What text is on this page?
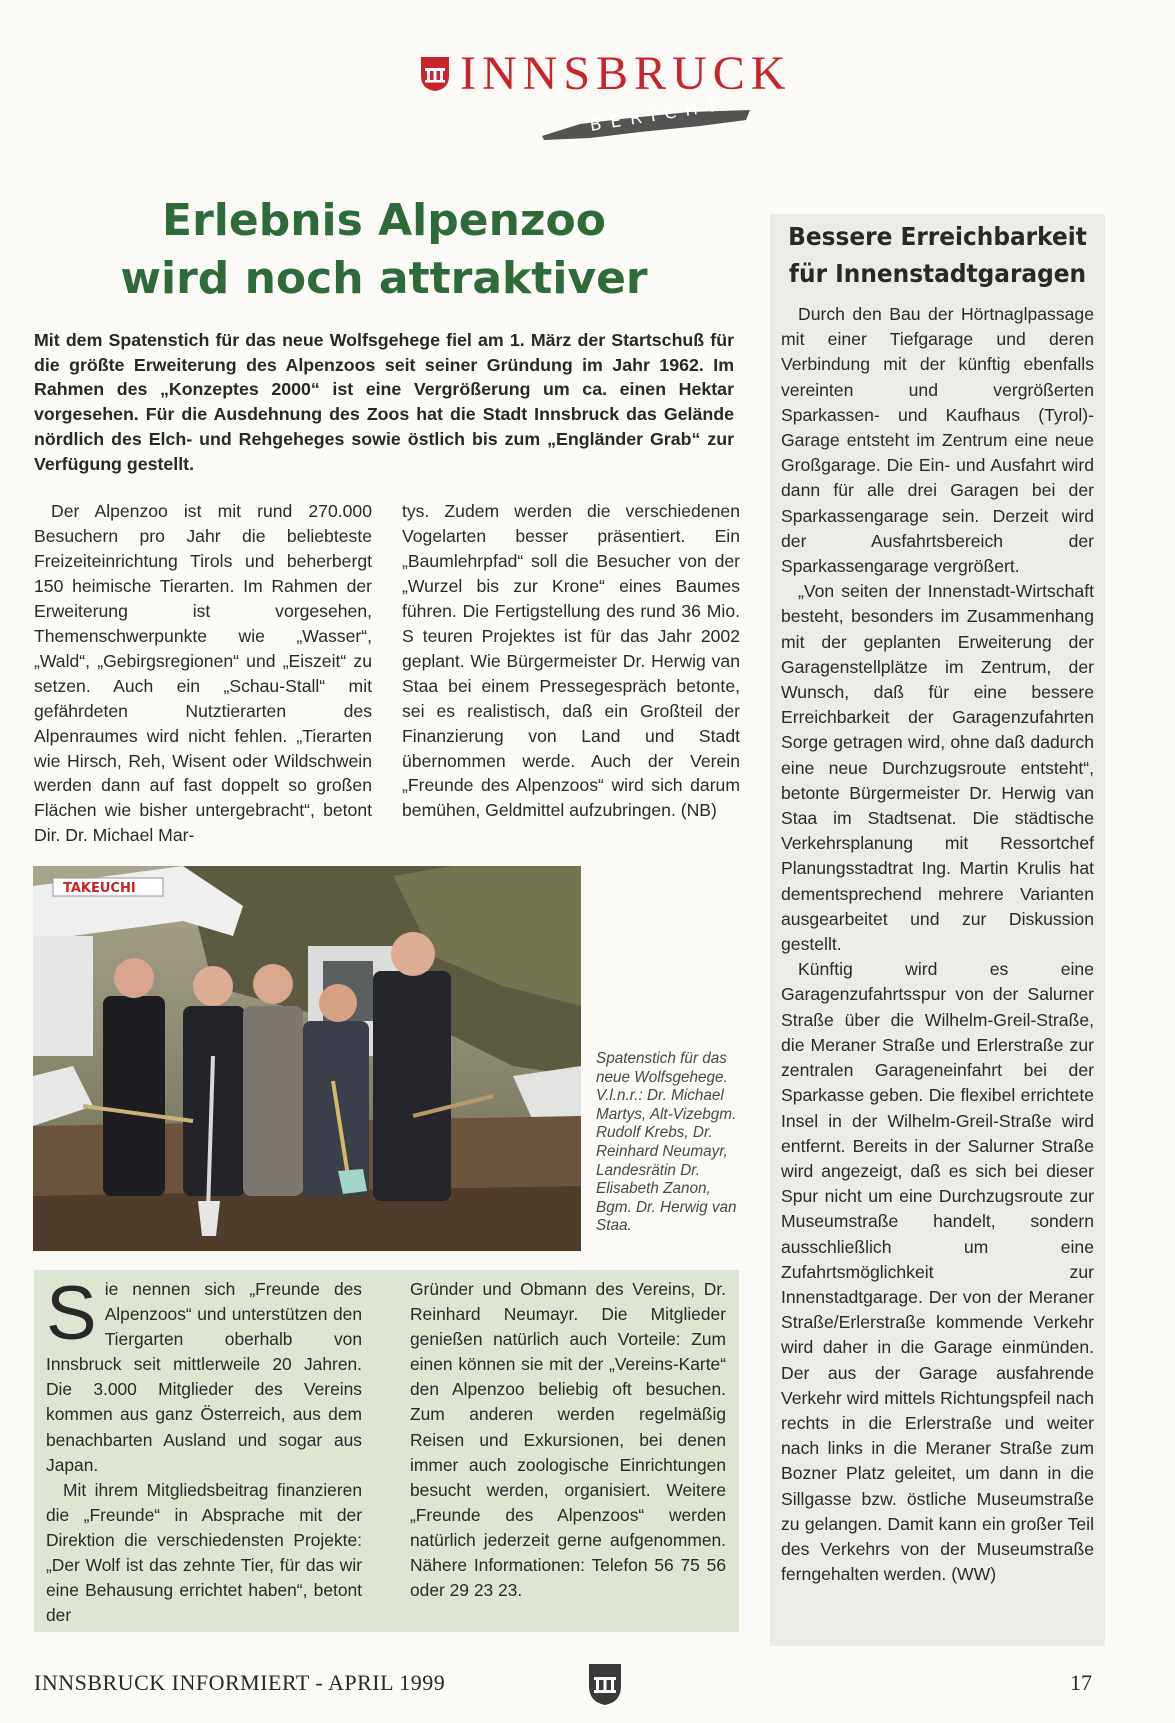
INNSBRUCK
BERICHT
Erlebnis Alpenzoo
wird noch attraktiver
Mit dem Spatenstich für das neue Wolfsgehege fiel am 1. März der Startschuß für die größte Erweiterung des Alpenzoos seit seiner Gründung im Jahr 1962. Im Rahmen des „Konzeptes 2000“ ist eine Vergrößerung um ca. einen Hektar vorgesehen. Für die Ausdehnung des Zoos hat die Stadt Innsbruck das Gelände nördlich des Elch- und Rehgeheges sowie östlich bis zum „Engländer Grab“ zur Verfügung gestellt.

Der Alpenzoo ist mit rund 270.000 Besuchern pro Jahr die beliebteste Freizeiteinrichtung Tirols und beherbergt 150 heimische Tierarten. Im Rahmen der Erweiterung ist vorgesehen, Themenschwerpunkte wie „Wasser“, „Wald“, „Gebirgsregionen“ und „Eiszeit“ zu setzen. Auch ein „Schau-Stall“ mit gefährdeten Nutztierarten des Alpenraumes wird nicht fehlen. „Tierarten wie Hirsch, Reh, Wisent oder Wildschwein werden dann auf fast doppelt so großen Flächen wie bisher untergebracht“, betont Dir. Dr. Michael Mar-

tys. Zudem werden die verschiedenen Vogelarten besser präsentiert. Ein „Baumlehrpfad“ soll die Besucher von der „Wurzel bis zur Krone“ eines Baumes führen. Die Fertigstellung des rund 36 Mio. S teuren Projektes ist für das Jahr 2002 geplant. Wie Bürgermeister Dr. Herwig van Staa bei einem Pressegespräch betonte, sei es realistisch, daß ein Großteil der Finanzierung von Land und Stadt übernommen werde. Auch der Verein „Freunde des Alpenzoos“ wird sich darum bemühen, Geldmittel aufzubringen. (NB)

TAKEUCHI
Spatenstich für das neue Wolfsgehege. V.l.n.r.: Dr. Michael Martys, Alt-Vizebgm. Rudolf Krebs, Dr. Reinhard Neumayr, Landesrätin Dr. Elisabeth Zanon, Bgm. Dr. Herwig van Staa.

Sie nennen sich „Freunde des Alpenzoos“ und unterstützen den Tiergarten oberhalb von Innsbruck seit mittlerweile 20 Jahren. Die 3.000 Mitglieder des Vereins kommen aus ganz Österreich, aus dem benachbarten Ausland und sogar aus Japan.

Mit ihrem Mitgliedsbeitrag finanzieren die „Freunde“ in Absprache mit der Direktion die verschiedensten Projekte: „Der Wolf ist das zehnte Tier, für das wir eine Behausung errichtet haben“, betont der

Gründer und Obmann des Vereins, Dr. Reinhard Neumayr. Die Mitglieder genießen natürlich auch Vorteile: Zum einen können sie mit der „Vereins-Karte“ den Alpenzoo beliebig oft besuchen. Zum anderen werden regelmäßig Reisen und Exkursionen, bei denen immer auch zoologische Einrichtungen besucht werden, organisiert. Weitere „Freunde des Alpenzoos“ werden natürlich jederzeit gerne aufgenommen. Nähere Informationen: Telefon 56 75 56 oder 29 23 23.

Bessere Erreichbarkeit
für Innenstadtgaragen

Durch den Bau der Hörtnaglpassage mit einer Tiefgarage und deren Verbindung mit der künftig ebenfalls vereinten und vergrößerten Sparkassen- und Kaufhaus (Tyrol)-Garage entsteht im Zentrum eine neue Großgarage. Die Ein- und Ausfahrt wird dann für alle drei Garagen bei der Sparkassengarage sein. Derzeit wird der Ausfahrtsbereich der Sparkassengarage vergrößert.

„Von seiten der Innenstadt-Wirtschaft besteht, besonders im Zusammenhang mit der geplanten Erweiterung der Garagenstellplätze im Zentrum, der Wunsch, daß für eine bessere Erreichbarkeit der Garagenzufahrten Sorge getragen wird, ohne daß dadurch eine neue Durchzugsroute entsteht“, betonte Bürgermeister Dr. Herwig van Staa im Stadtsenat. Die städtische Verkehrsplanung mit Ressortchef Planungsstadtrat Ing. Martin Krulis hat dementsprechend mehrere Varianten ausgearbeitet und zur Diskussion gestellt.

Künftig wird es eine Garagenzufahrtsspur von der Salurner Straße über die Wilhelm-Greil-Straße, die Meraner Straße und Erlerstraße zur zentralen Garageneinfahrt bei der Sparkasse geben. Die flexibel errichtete Insel in der Wilhelm-Greil-Straße wird entfernt. Bereits in der Salurner Straße wird angezeigt, daß es sich bei dieser Spur nicht um eine Durchzugsroute zur Museumstraße handelt, sondern ausschließlich um eine Zufahrtsmöglichkeit zur Innenstadtgarage. Der von der Meraner Straße/Erlerstraße kommende Verkehr wird daher in die Garage einmünden. Der aus der Garage ausfahrende Verkehr wird mittels Richtungspfeil nach rechts in die Erlerstraße und weiter nach links in die Meraner Straße zum Bozner Platz geleitet, um dann in die Sillgasse bzw. östliche Museumstraße zu gelangen. Damit kann ein großer Teil des Verkehrs von der Museumstraße ferngehalten werden. (WW)

INNSBRUCK INFORMIERT - APRIL 1999	17
